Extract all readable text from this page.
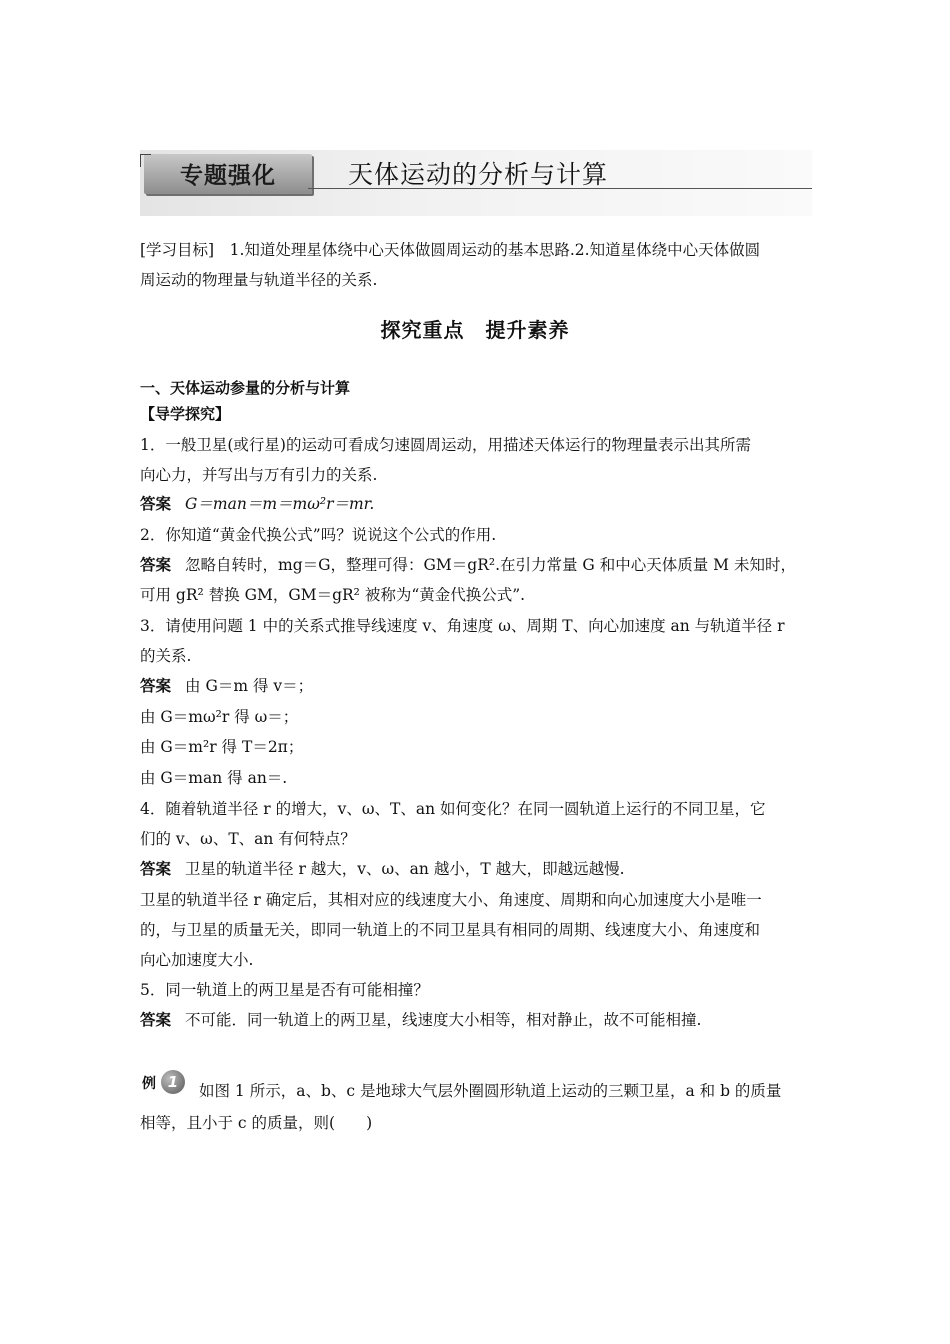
专题强化	天体运动的分析与计算
[学习目标]　1.知道处理星体绕中心天体做圆周运动的基本思路.2.知道星体绕中心天体做圆
周运动的物理量与轨道半径的关系.
探究重点　提升素养
一、天体运动参量的分析与计算
【导学探究】
1．一般卫星(或行星)的运动可看成匀速圆周运动，用描述天体运行的物理量表示出其所需
向心力，并写出与万有引力的关系.
答案 G＝man＝m＝mω²r＝mr.
2．你知道“黄金代换公式”吗？说说这个公式的作用.
答案 忽略自转时，mg＝G，整理可得：GM＝gR².在引力常量 G 和中心天体质量 M 未知时，
可用 gR² 替换 GM，GM＝gR² 被称为“黄金代换公式”.
3．请使用问题 1 中的关系式推导线速度 v、角速度 ω、周期 T、向心加速度 an 与轨道半径 r
的关系.
答案 由 G＝m 得 v＝；
由 G＝mω²r 得 ω＝；
由 G＝m²r 得 T＝2π；
由 G＝man 得 an＝.
4．随着轨道半径 r 的增大，v、ω、T、an 如何变化？在同一圆轨道上运行的不同卫星，它
们的 v、ω、T、an 有何特点？
答案 卫星的轨道半径 r 越大，v、ω、an 越小，T 越大，即越远越慢.
卫星的轨道半径 r 确定后，其相对应的线速度大小、角速度、周期和向心加速度大小是唯一
的，与卫星的质量无关，即同一轨道上的不同卫星具有相同的周期、线速度大小、角速度和
向心加速度大小.
5．同一轨道上的两卫星是否有可能相撞？
答案 不可能．同一轨道上的两卫星，线速度大小相等，相对静止，故不可能相撞.
例 1	如图 1 所示，a、b、c 是地球大气层外圈圆形轨道上运动的三颗卫星，a 和 b 的质量
相等，且小于 c 的质量，则(　　)
